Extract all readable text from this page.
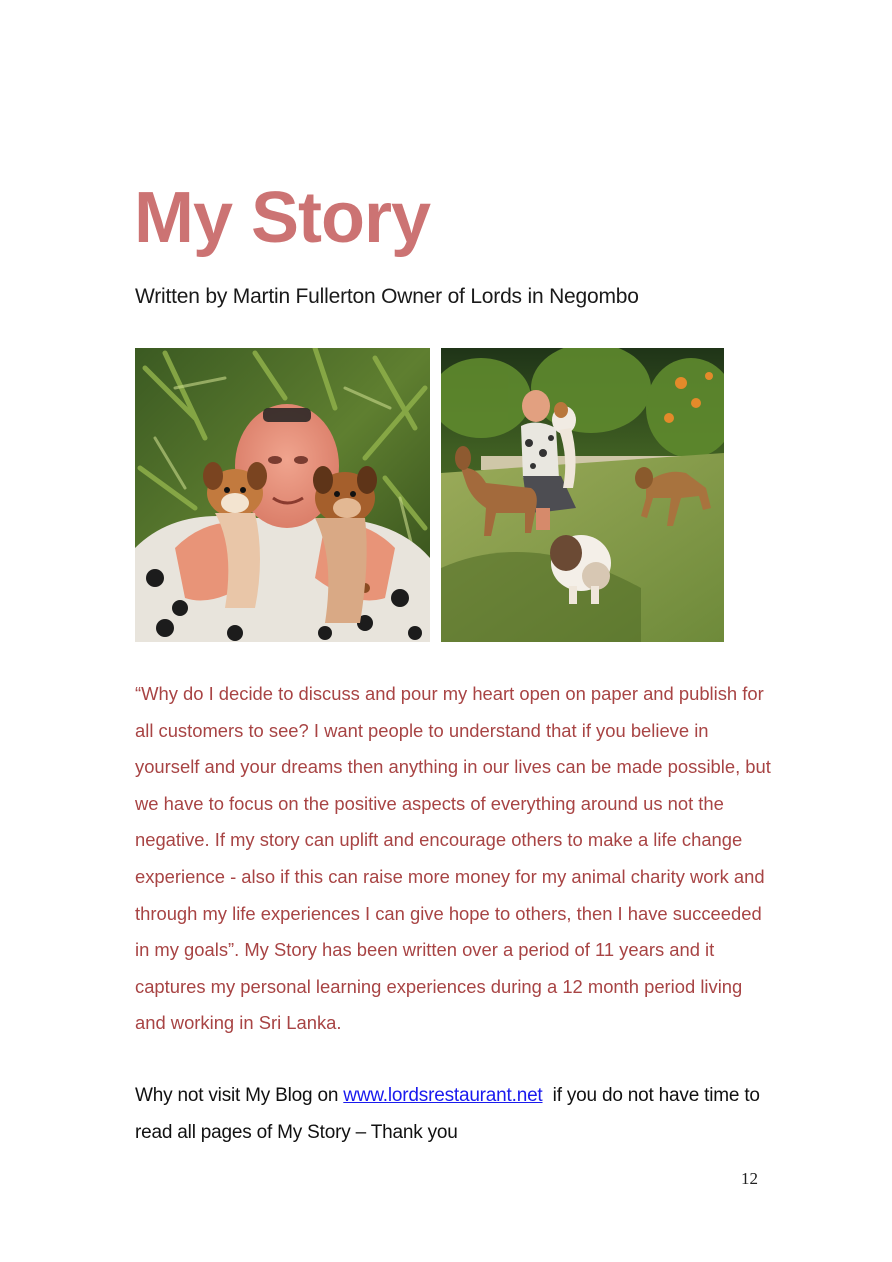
My Story

Written by Martin Fullerton Owner of Lords in Negombo

“Why do I decide to discuss and pour my heart open on paper and publish for all customers to see? I want people to understand that if you believe in yourself and your dreams then anything in our lives can be made possible, but we have to focus on the positive aspects of everything around us not the negative. If my story can uplift and encourage others to make a life change experience - also if this can raise more money for my animal charity work and through my life experiences I can give hope to others, then I have succeeded in my goals”. My Story has been written over a period of 11 years and it captures my personal learning experiences during a 12 month period living and working in Sri Lanka.

Why not visit My Blog on www.lordsrestaurant.net  if you do not have time to read all pages of My Story – Thank you

12
